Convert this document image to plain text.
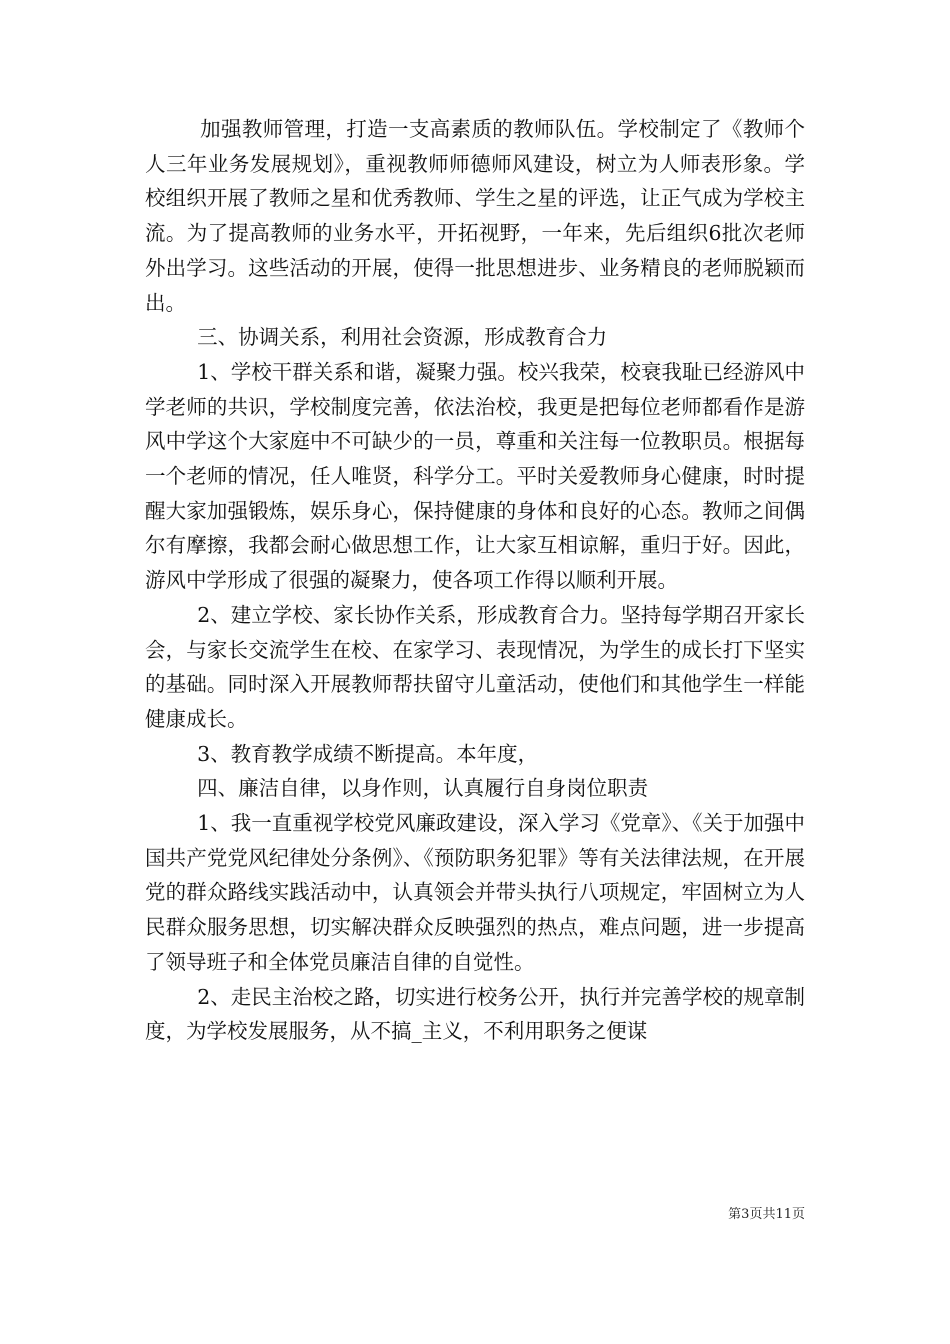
加强教师管理，打造一支高素质的教师队伍。学校制定了《教师个人三年业务发展规划》，重视教师师德师风建设，树立为人师表形象。学校组织开展了教师之星和优秀教师、学生之星的评选，让正气成为学校主流。为了提高教师的业务水平，开拓视野，一年来，先后组织6批次老师外出学习。这些活动的开展，使得一批思想进步、业务精良的老师脱颖而出。

三、协调关系，利用社会资源，形成教育合力

1、学校干群关系和谐，凝聚力强。校兴我荣，校衰我耻已经游风中学老师的共识，学校制度完善，依法治校，我更是把每位老师都看作是游风中学这个大家庭中不可缺少的一员，尊重和关注每一位教职员。根据每一个老师的情况，任人唯贤，科学分工。平时关爱教师身心健康，时时提醒大家加强锻炼，娱乐身心，保持健康的身体和良好的心态。教师之间偶尔有摩擦，我都会耐心做思想工作，让大家互相谅解，重归于好。因此，游风中学形成了很强的凝聚力，使各项工作得以顺利开展。

2、建立学校、家长协作关系，形成教育合力。坚持每学期召开家长会，与家长交流学生在校、在家学习、表现情况，为学生的成长打下坚实的基础。同时深入开展教师帮扶留守儿童活动，使他们和其他学生一样能健康成长。

3、教育教学成绩不断提高。本年度，

四、廉洁自律，以身作则，认真履行自身岗位职责

1、我一直重视学校党风廉政建设，深入学习《党章》、《关于加强中国共产党党风纪律处分条例》、《预防职务犯罪》等有关法律法规，在开展党的群众路线实践活动中，认真领会并带头执行八项规定，牢固树立为人民群众服务思想，切实解决群众反映强烈的热点，难点问题，进一步提高了领导班子和全体党员廉洁自律的自觉性。

2、走民主治校之路，切实进行校务公开，执行并完善学校的规章制度，为学校发展服务，从不搞_主义，不利用职务之便谋

第3页共11页
